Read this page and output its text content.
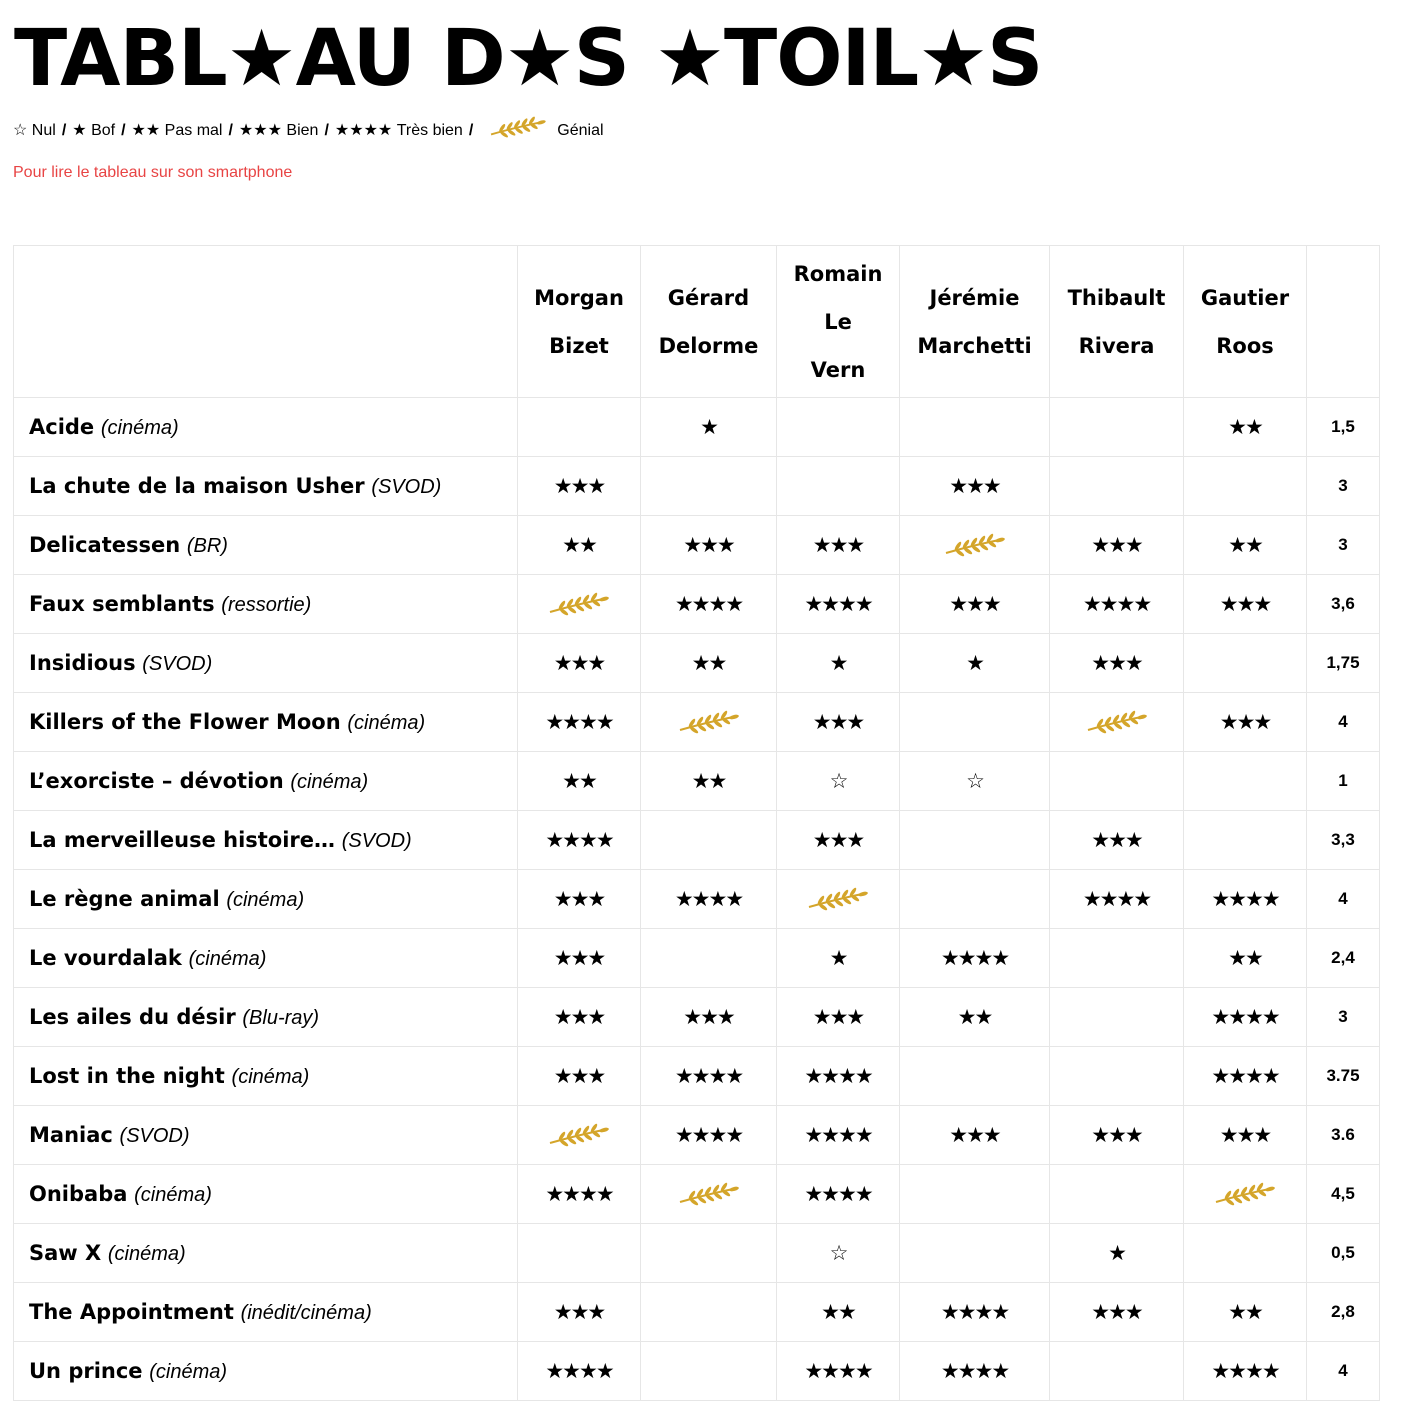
TABL★AU D★S ★TOIL★S
☆
Nul / ★
Bof / ★★
Pas mal / ★★★
Bien / ★★★★
Très bien /	Génial
Pour lire le tableau sur son smartphone

	Morgan
Bizet	Gérard
Delorme	Romain
Le
Vern	Jérémie
Marchetti	Thibault
Rivera	Gautier
Roos	

Acide (cinéma)		★				★★	1,5
La chute de la maison Usher (SVOD)	★★★			★★★			3
Delicatessen (BR)	★★	★★★	★★★		★★★	★★	3
Faux semblants (ressortie)		★★★★	★★★★	★★★	★★★★	★★★	3,6
Insidious (SVOD)	★★★	★★	★	★	★★★		1,75
Killers of the Flower Moon (cinéma)	★★★★		★★★			★★★	4
L’exorciste – dévotion (cinéma)	★★	★★	☆	☆			1
La merveilleuse histoire… (SVOD)	★★★★		★★★		★★★		3,3
Le règne animal (cinéma)	★★★	★★★★			★★★★	★★★★	4
Le vourdalak (cinéma)	★★★		★	★★★★		★★	2,4
Les ailes du désir (Blu-ray)	★★★	★★★	★★★	★★		★★★★	3
Lost in the night (cinéma)	★★★	★★★★	★★★★			★★★★	3.75
Maniac (SVOD)		★★★★	★★★★	★★★	★★★	★★★	3.6
Onibaba (cinéma)	★★★★		★★★★				4,5
Saw X (cinéma)			☆		★		0,5
The Appointment (inédit/cinéma)	★★★		★★	★★★★	★★★	★★	2,8
Un prince (cinéma)	★★★★		★★★★	★★★★		★★★★	4
